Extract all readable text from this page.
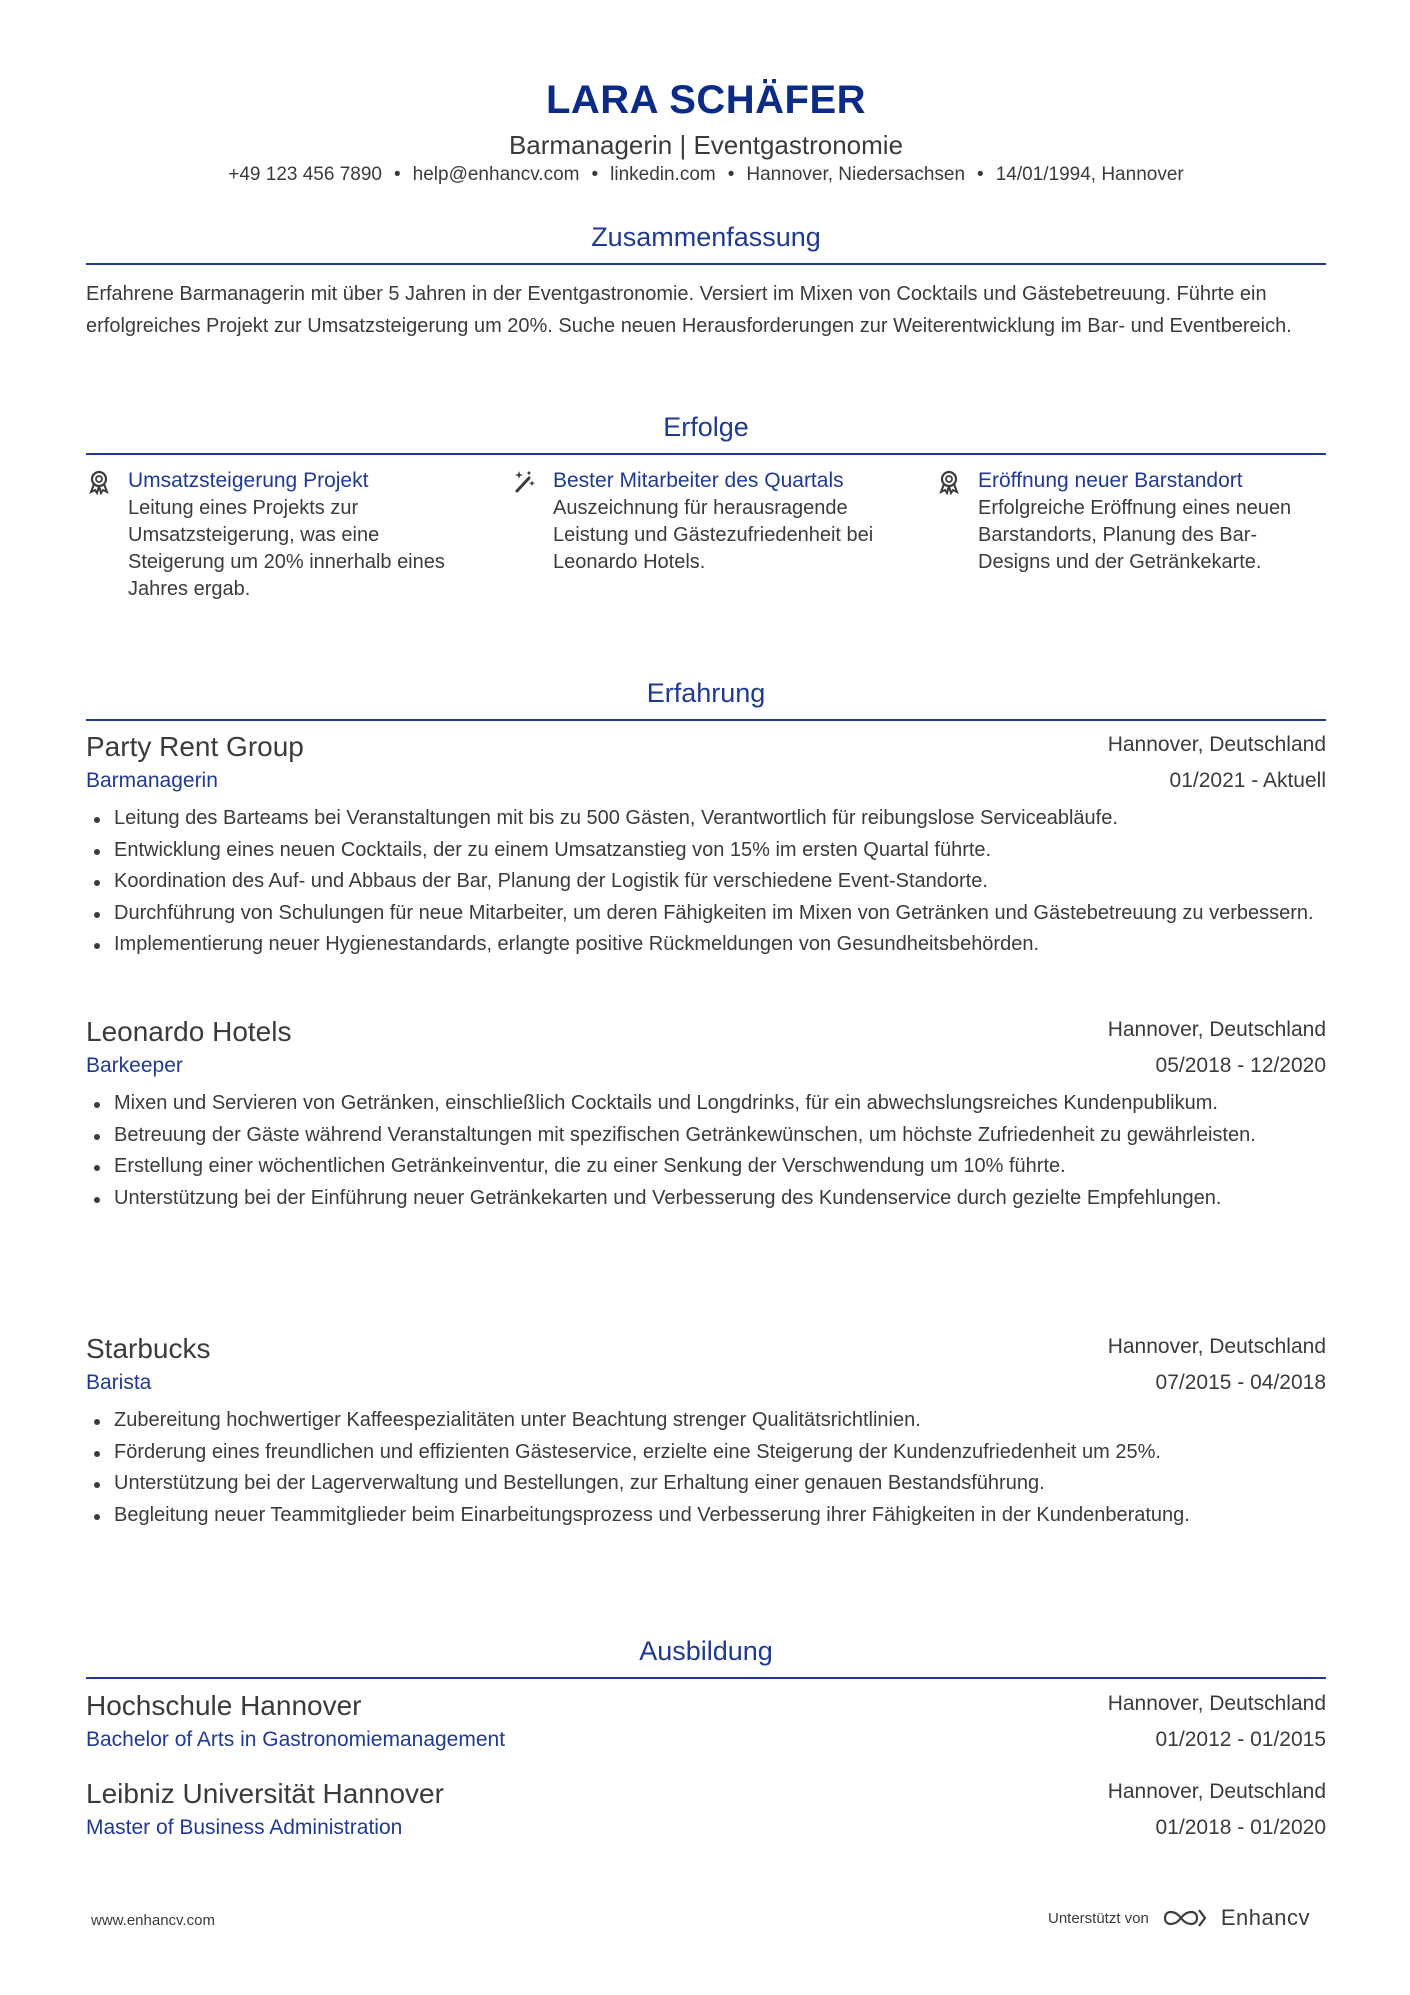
LARA SCHÄFER
Barmanagerin | Eventgastronomie
+49 123 456 7890 • help@enhancv.com • linkedin.com • Hannover, Niedersachsen • 14/01/1994, Hannover
Zusammenfassung
Erfahrene Barmanagerin mit über 5 Jahren in der Eventgastronomie. Versiert im Mixen von Cocktails und Gästebetreuung. Führte ein erfolgreiches Projekt zur Umsatzsteigerung um 20%. Suche neuen Herausforderungen zur Weiterentwicklung im Bar- und Eventbereich.
Erfolge
Umsatzsteigerung Projekt
Leitung eines Projekts zur Umsatzsteigerung, was eine Steigerung um 20% innerhalb eines Jahres ergab.
Bester Mitarbeiter des Quartals
Auszeichnung für herausragende Leistung und Gästezufriedenheit bei Leonardo Hotels.
Eröffnung neuer Barstandort
Erfolgreiche Eröffnung eines neuen Barstandorts, Planung des Bar-Designs und der Getränkekarte.
Erfahrung
Party Rent Group	Hannover, Deutschland
Barmanagerin	01/2021 - Aktuell
Leitung des Barteams bei Veranstaltungen mit bis zu 500 Gästen, Verantwortlich für reibungslose Serviceabläufe.
Entwicklung eines neuen Cocktails, der zu einem Umsatzanstieg von 15% im ersten Quartal führte.
Koordination des Auf- und Abbaus der Bar, Planung der Logistik für verschiedene Event-Standorte.
Durchführung von Schulungen für neue Mitarbeiter, um deren Fähigkeiten im Mixen von Getränken und Gästebetreuung zu verbessern.
Implementierung neuer Hygienestandards, erlangte positive Rückmeldungen von Gesundheitsbehörden.
Leonardo Hotels	Hannover, Deutschland
Barkeeper	05/2018 - 12/2020
Mixen und Servieren von Getränken, einschließlich Cocktails und Longdrinks, für ein abwechslungsreiches Kundenpublikum.
Betreuung der Gäste während Veranstaltungen mit spezifischen Getränkewünschen, um höchste Zufriedenheit zu gewährleisten.
Erstellung einer wöchentlichen Getränkeinventur, die zu einer Senkung der Verschwendung um 10% führte.
Unterstützung bei der Einführung neuer Getränkekarten und Verbesserung des Kundenservice durch gezielte Empfehlungen.
Starbucks	Hannover, Deutschland
Barista	07/2015 - 04/2018
Zubereitung hochwertiger Kaffeespezialitäten unter Beachtung strenger Qualitätsrichtlinien.
Förderung eines freundlichen und effizienten Gästeservice, erzielte eine Steigerung der Kundenzufriedenheit um 25%.
Unterstützung bei der Lagerverwaltung und Bestellungen, zur Erhaltung einer genauen Bestandsführung.
Begleitung neuer Teammitglieder beim Einarbeitungsprozess und Verbesserung ihrer Fähigkeiten in der Kundenberatung.
Ausbildung
Hochschule Hannover	Hannover, Deutschland
Bachelor of Arts in Gastronomiemanagement	01/2012 - 01/2015
Leibniz Universität Hannover	Hannover, Deutschland
Master of Business Administration	01/2018 - 01/2020
www.enhancv.com	Unterstützt von	Enhancv
